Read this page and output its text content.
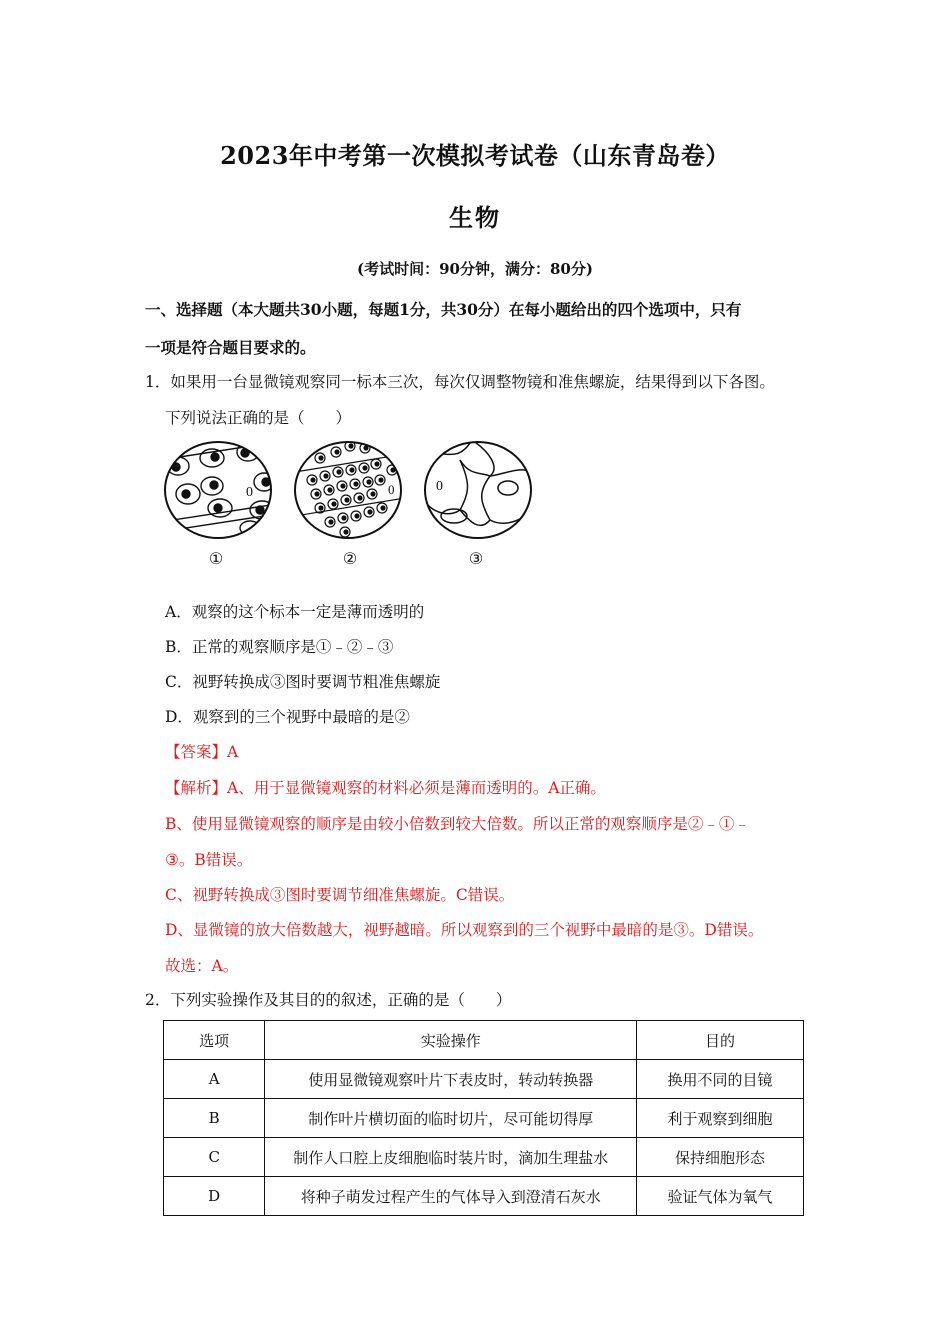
2023年中考第一次模拟考试卷（山东青岛卷）
生物
(考试时间：90分钟，满分：80分)
一、选择题（本大题共30小题，每题1分，共30分）在每小题给出的四个选项中，只有
一项是符合题目要求的。
1．如果用一台显微镜观察同一标本三次，每次仅调整物镜和准焦螺旋，结果得到以下各图。
下列说法正确的是（　　）
0	0	0
①	②	③
A．观察的这个标本一定是薄而透明的
B．正常的观察顺序是①﹣②﹣③
C．视野转换成③图时要调节粗准焦螺旋
D．观察到的三个视野中最暗的是②
【答案】A
【解析】A、用于显微镜观察的材料必须是薄而透明的。A正确。
B、使用显微镜观察的顺序是由较小倍数到较大倍数。所以正常的观察顺序是②﹣①﹣
③。B错误。
C、视野转换成③图时要调节细准焦螺旋。C错误。
D、显微镜的放大倍数越大，视野越暗。所以观察到的三个视野中最暗的是③。D错误。
故选：A。
2．下列实验操作及其目的的叙述，正确的是（　　）
选项	实验操作	目的
A	使用显微镜观察叶片下表皮时，转动转换器	换用不同的目镜
B	制作叶片横切面的临时切片，尽可能切得厚	利于观察到细胞
C	制作人口腔上皮细胞临时装片时，滴加生理盐水	保持细胞形态
D	将种子萌发过程产生的气体导入到澄清石灰水	验证气体为氧气
